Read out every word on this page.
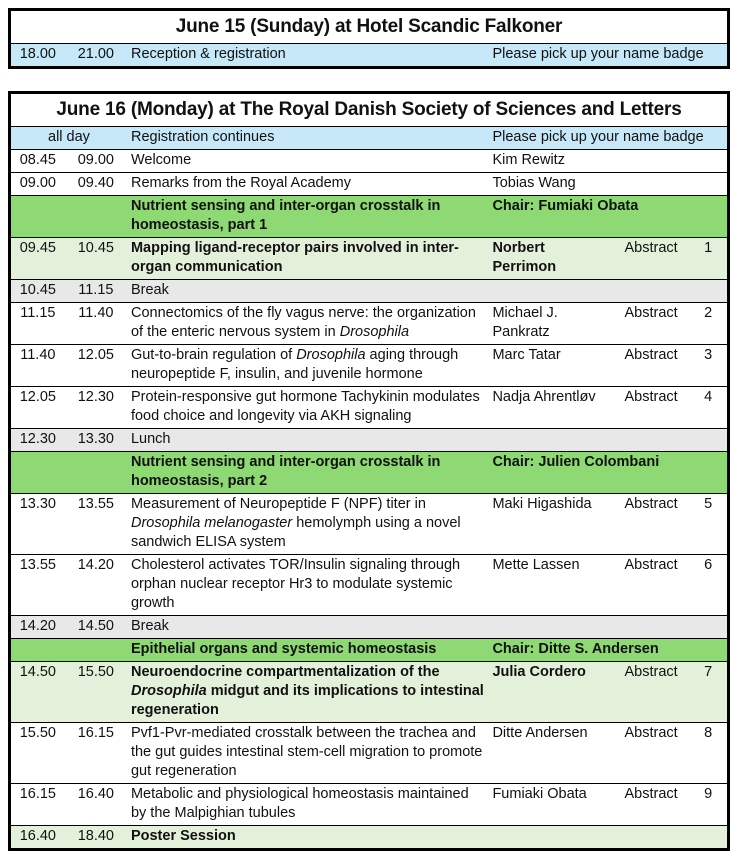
June 15 (Sunday) at Hotel Scandic Falkoner
18.00	21.00	Reception & registration	Please pick up your name badge
June 16 (Monday) at The Royal Danish Society of Sciences and Letters					
all day		Registration continues	Please pick up your name badge		
08.45	09.00	Welcome	Kim Rewitz		
09.00	09.40	Remarks from the Royal Academy	Tobias Wang		
		Nutrient sensing and inter-organ crosstalk in homeostasis, part 1	Chair: Fumiaki Obata		
09.45	10.45	Mapping ligand-receptor pairs involved in inter-organ communication	Norbert Perrimon	Abstract	1
10.45	11.15	Break			
11.15	11.40	Connectomics of the fly vagus nerve: the organization of the enteric nervous system in Drosophila	Michael J. Pankratz	Abstract	2
11.40	12.05	Gut-to-brain regulation of Drosophila aging through neuropeptide F, insulin, and juvenile hormone	Marc Tatar	Abstract	3
12.05	12.30	Protein-responsive gut hormone Tachykinin modulates food choice and longevity via AKH signaling	Nadja Ahrentløv	Abstract	4
12.30	13.30	Lunch			
		Nutrient sensing and inter-organ crosstalk in homeostasis, part 2	Chair: Julien Colombani		
13.30	13.55	Measurement of Neuropeptide F (NPF) titer in Drosophila melanogaster hemolymph using a novel sandwich ELISA system	Maki Higashida	Abstract	5
13.55	14.20	Cholesterol activates TOR/Insulin signaling through orphan nuclear receptor Hr3 to modulate systemic growth	Mette Lassen	Abstract	6
14.20	14.50	Break			
		Epithelial organs and systemic homeostasis	Chair: Ditte S. Andersen		
14.50	15.50	Neuroendocrine compartmentalization of the Drosophila midgut and its implications to intestinal regeneration	Julia Cordero	Abstract	7
15.50	16.15	Pvf1-Pvr-mediated crosstalk between the trachea and the gut guides intestinal stem-cell migration to promote gut regeneration	Ditte Andersen	Abstract	8
16.15	16.40	Metabolic and physiological homeostasis maintained by the Malpighian tubules	Fumiaki Obata	Abstract	9
16.40	18.40	Poster Session			
